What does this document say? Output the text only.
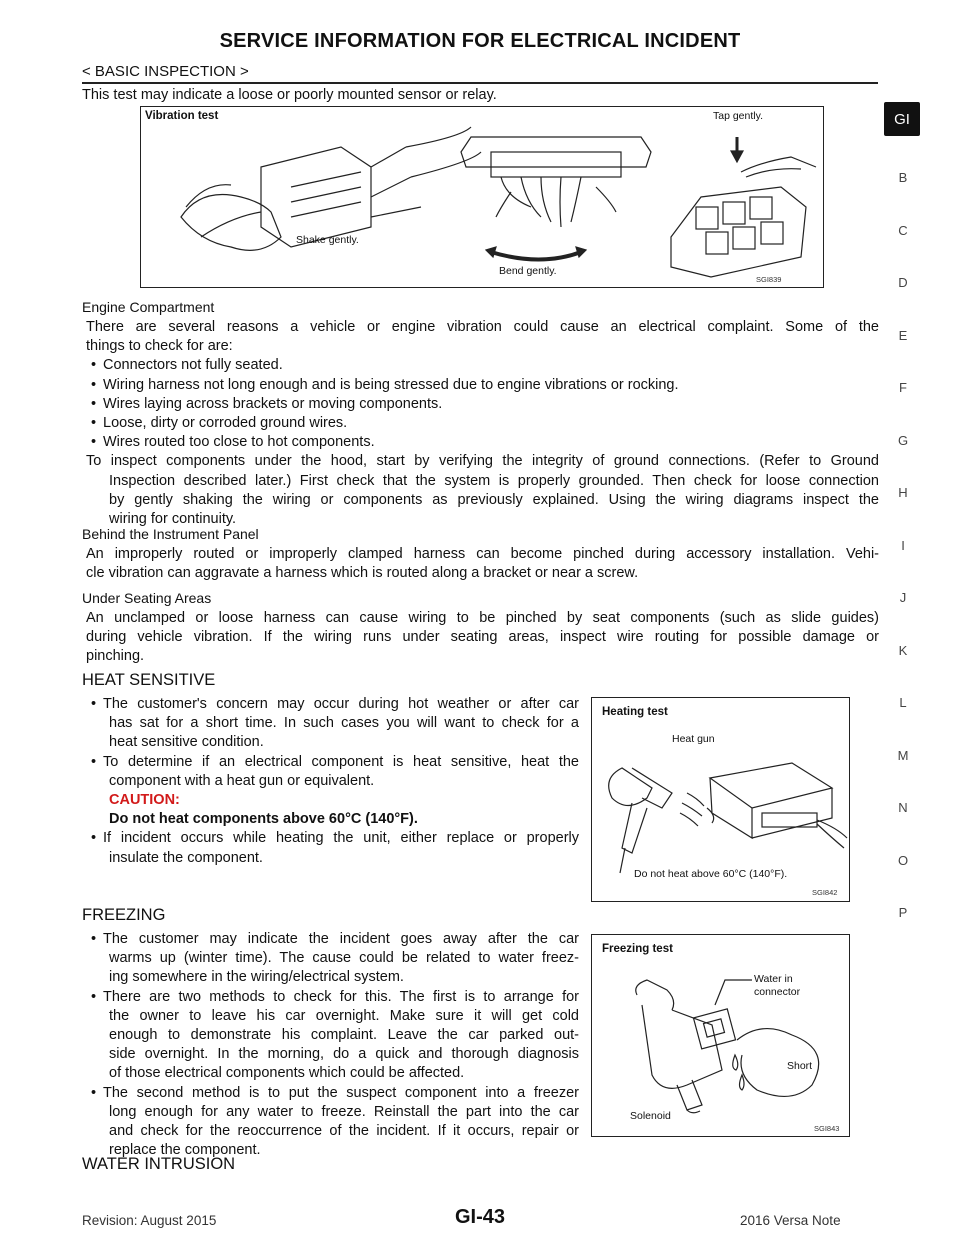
SERVICE INFORMATION FOR ELECTRICAL INCIDENT
< BASIC INSPECTION >
GI
B
C
D
E
F
G
H
I
J
K
L
M
N
O
P
This test may indicate a loose or poorly mounted sensor or relay.
Vibration test
Shake gently.
Bend gently.
Tap gently.
SGI839
Engine Compartment
There are several reasons a vehicle or engine vibration could cause an electrical complaint. Some of the
things to check for are:
• Connectors not fully seated.
• Wiring harness not long enough and is being stressed due to engine vibrations or rocking.
• Wires laying across brackets or moving components.
• Loose, dirty or corroded ground wires.
• Wires routed too close to hot components.
To inspect components under the hood, start by verifying the integrity of ground connections. (Refer to Ground
Inspection described later.) First check that the system is properly grounded. Then check for loose connection
by gently shaking the wiring or components as previously explained. Using the wiring diagrams inspect the
wiring for continuity.
Behind the Instrument Panel
An improperly routed or improperly clamped harness can become pinched during accessory installation. Vehi-
cle vibration can aggravate a harness which is routed along a bracket or near a screw.
Under Seating Areas
An unclamped or loose harness can cause wiring to be pinched by seat components (such as slide guides)
during vehicle vibration. If the wiring runs under seating areas, inspect wire routing for possible damage or
pinching.
HEAT SENSITIVE
• The customer's concern may occur during hot weather or after car
has sat for a short time. In such cases you will want to check for a
heat sensitive condition.
• To determine if an electrical component is heat sensitive, heat the
component with a heat gun or equivalent.
CAUTION:
Do not heat components above 60°C (140°F).
• If incident occurs while heating the unit, either replace or properly
insulate the component.
Heating test
Heat gun
Do not heat above 60°C (140°F).
SGI842
FREEZING
• The customer may indicate the incident goes away after the car
warms up (winter time). The cause could be related to water freez-
ing somewhere in the wiring/electrical system.
• There are two methods to check for this. The first is to arrange for
the owner to leave his car overnight. Make sure it will get cold
enough to demonstrate his complaint. Leave the car parked out-
side overnight. In the morning, do a quick and thorough diagnosis
of those electrical components which could be affected.
• The second method is to put the suspect component into a freezer
long enough for any water to freeze. Reinstall the part into the car
and check for the reoccurrence of the incident. If it occurs, repair or
replace the component.
Freezing test
Water in
connector
Short
Solenoid
SGI843
WATER INTRUSION
Revision: August 2015	GI-43	2016 Versa Note
